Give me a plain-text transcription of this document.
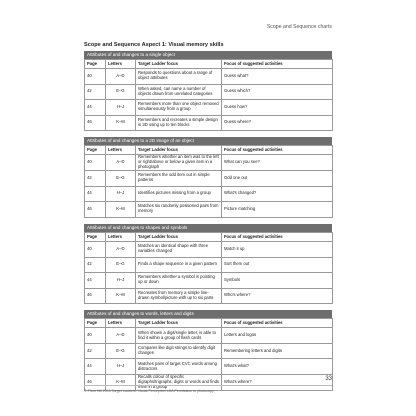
Scope and Sequence charts
Scope and Sequence Aspect 1: Visual memory skills
Attributes of and changes to a single object
Page	Letters	Target Ladder focus	Focus of suggested activities
40	A–D	Responds to questions about a range of object attributes	Guess what?
42	E–G	When asked, can name a number of objects drawn from unrelated categories	Guess which?
44	H–J	Remembers more than one object removed simultaneously from a group	Guess how?
46	K–M	Remembers and recreates a simple design in 3D using up to ten blocks	Guess where?
Attributes of and changes to a 2D image of an object
Page	Letters	Target Ladder focus	Focus of suggested activities
40	A–D	Remembers whether an item was to the left or right/above or below a given item in a photograph	What can you see?
42	E–G	Remembers the odd item out in simple patterns	Odd one out
44	H–J	Identifies pictures missing from a group	What's changed?
46	K–M	Matches six randomly positioned pairs from memory	Picture matching
Attributes of and changes to shapes and symbols
Page	Letters	Target Ladder focus	Focus of suggested activities
40	A–D	Matches an identical shape with three variables changed	Match it up
42	E–G	Finds a shape sequence in a given pattern	Sort them out
44	H–J	Remembers whether a symbol is pointing up or down	Symbols
46	K–M	Recreates from memory a simple line-drawn symbol/picture with up to six parts	Who's where?
Attributes of and changes to words, letters and digits
Page	Letters	Target Ladder focus	Focus of suggested activities
40	A–D	When shown a digit/single letter, is able to find it within a group of flash cards	Letters and logos
42	E–G	Compares like digit strings to identify digit changes	Remembering letters and digits
44	H–J	Matches pairs of target CVC words among distractors	What's what?
46	K–M	Recalls colour of specific digraphs/trigraphs, digits or words and finds them in a group	What's where?	33
© Plum Hill 2015 Target Ladders: Visual Perception LDA Permission to photocopy
